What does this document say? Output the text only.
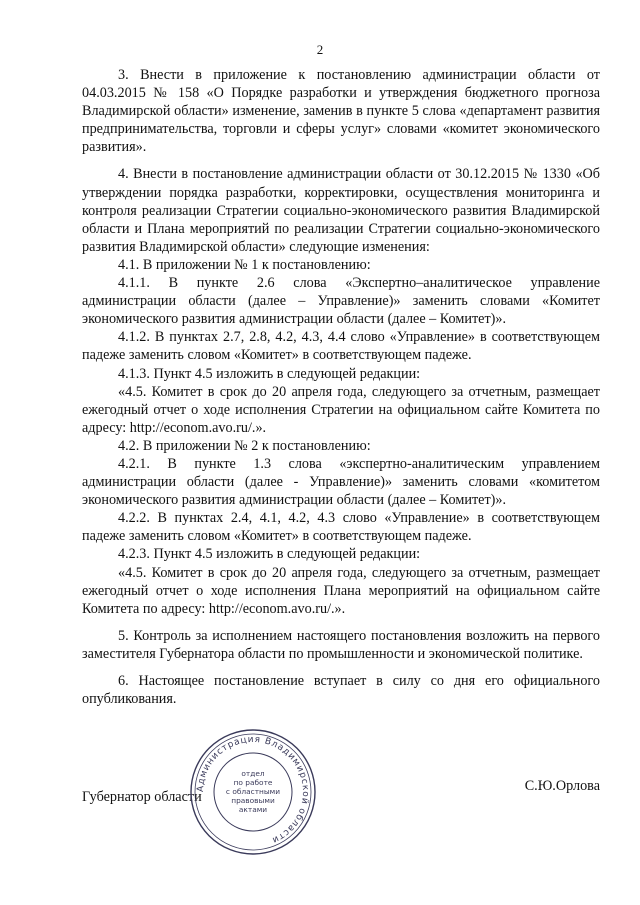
2

3. Внести в приложение к постановлению администрации области от 04.03.2015 № 158 «О Порядке разработки и утверждения бюджетного прогноза Владимирской области» изменение, заменив в пункте 5 слова «департамент развития предпринимательства, торговли и сферы услуг» словами «комитет экономического развития».

4. Внести в постановление администрации области от 30.12.2015 № 1330 «Об утверждении порядка разработки, корректировки, осуществления мониторинга и контроля реализации Стратегии социально-экономического развития Владимирской области и Плана мероприятий по реализации Стратегии социально-экономического развития Владимирской области» следующие изменения:

4.1. В приложении № 1 к постановлению:

4.1.1. В пункте 2.6 слова «Экспертно–аналитическое управление администрации области (далее – Управление)» заменить словами «Комитет экономического развития администрации области (далее – Комитет)».

4.1.2. В пунктах 2.7, 2.8, 4.2, 4.3, 4.4 слово «Управление» в соответствующем падеже заменить словом «Комитет» в соответствующем падеже.

4.1.3. Пункт 4.5 изложить в следующей редакции:

«4.5. Комитет в срок до 20 апреля года, следующего за отчетным, размещает ежегодный отчет о ходе исполнения Стратегии на официальном сайте Комитета по адресу: http://econom.avo.ru/.».

4.2. В приложении № 2 к постановлению:

4.2.1. В пункте 1.3 слова «экспертно-аналитическим управлением администрации области (далее - Управление)» заменить словами «комитетом экономического развития администрации области (далее – Комитет)».

4.2.2. В пунктах 2.4, 4.1, 4.2, 4.3 слово «Управление» в соответствующем падеже заменить словом «Комитет» в соответствующем падеже.

4.2.3. Пункт 4.5 изложить в следующей редакции:

«4.5. Комитет в срок до 20 апреля года, следующего за отчетным, размещает ежегодный отчет о ходе исполнения Плана мероприятий на официальном сайте Комитета по адресу: http://econom.avo.ru/.».

5. Контроль за исполнением настоящего постановления возложить на первого заместителя Губернатора области по промышленности и экономической политике.

6. Настоящее постановление вступает в силу со дня его официального опубликования.

Губернатор области
С.Ю.Орлова
Администрация Владимирской области
отдел
по работе
с областными
правовыми
актами
